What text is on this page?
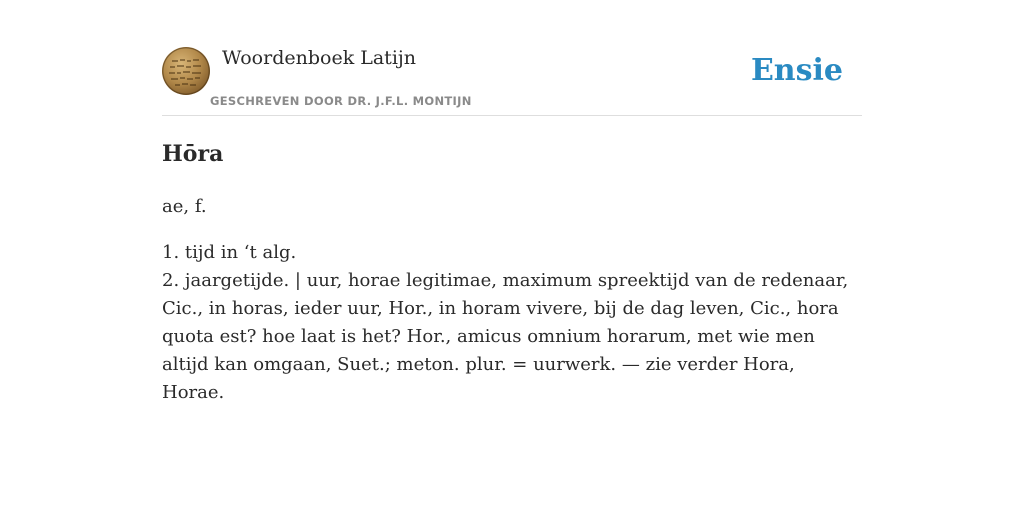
Woordenboek Latijn
GESCHREVEN DOOR DR. J.F.L. MONTIJN
Ensie
Hōra

ae, f.

1. tijd in ‘t alg.
2. jaargetijde. | uur, horae legitimae, maximum spreektijd van de redenaar, Cic., in horas, ieder uur, Hor., in horam vivere, bij de dag leven, Cic., hora quota est? hoe laat is het? Hor., amicus omnium horarum, met wie men altijd kan omgaan, Suet.; meton. plur. = uurwerk. — zie verder Hora, Horae.
